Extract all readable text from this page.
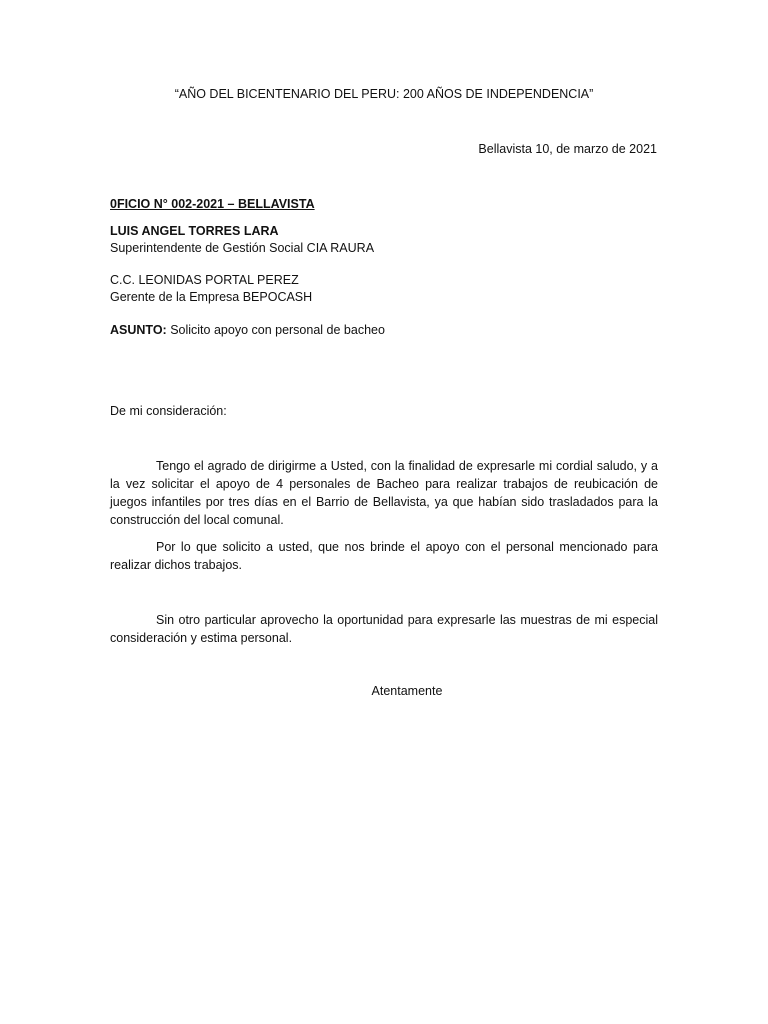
“AÑO DEL BICENTENARIO DEL PERU: 200 AÑOS DE INDEPENDENCIA”
Bellavista 10, de marzo de 2021
0FICIO N° 002-2021 – BELLAVISTA
LUIS ANGEL TORRES LARA
Superintendente de Gestión Social CIA RAURA
C.C. LEONIDAS PORTAL PEREZ
Gerente de la Empresa BEPOCASH
ASUNTO: Solicito apoyo con personal de bacheo
De mi consideración:
Tengo el agrado de dirigirme a Usted, con la finalidad de expresarle mi cordial saludo, y a la vez solicitar el apoyo de 4 personales de Bacheo para realizar trabajos de reubicación de juegos infantiles por tres días en el Barrio de Bellavista, ya que habían sido trasladados para la construcción del local comunal.
Por lo que solicito a usted, que nos brinde el apoyo con el personal mencionado para realizar dichos trabajos.
Sin otro particular aprovecho la oportunidad para expresarle las muestras de mi especial consideración y estima personal.
Atentamente
